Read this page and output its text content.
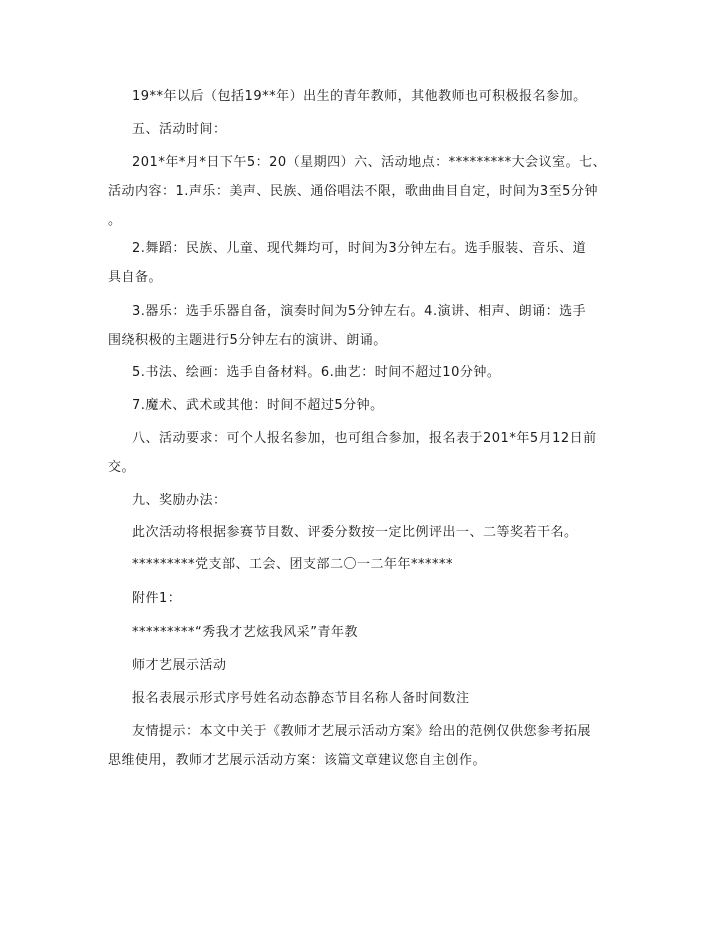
19**年以后（包括19**年）出生的青年教师，其他教师也可积极报名参加。
五、活动时间：
201*年*月*日下午5：20（星期四）六、活动地点：*********大会议室。七、
活动内容：1.声乐：美声、民族、通俗唱法不限，歌曲曲目自定，时间为3至5分钟
。
2.舞蹈：民族、儿童、现代舞均可，时间为3分钟左右。选手服装、音乐、道
具自备。
3.器乐：选手乐器自备，演奏时间为5分钟左右。4.演讲、相声、朗诵：选手
围绕积极的主题进行5分钟左右的演讲、朗诵。
5.书法、绘画：选手自备材料。6.曲艺：时间不超过10分钟。
7.魔术、武术或其他：时间不超过5分钟。
八、活动要求：可个人报名参加，也可组合参加，报名表于201*年5月12日前
交。
九、奖励办法：
此次活动将根据参赛节目数、评委分数按一定比例评出一、二等奖若干名。
*********党支部、工会、团支部二〇一二年年******
附件1：
*********“秀我才艺炫我风采”青年教
师才艺展示活动
报名表展示形式序号姓名动态静态节目名称人备时间数注
友情提示：本文中关于《教师才艺展示活动方案》给出的范例仅供您参考拓展
思维使用，教师才艺展示活动方案：该篇文章建议您自主创作。
